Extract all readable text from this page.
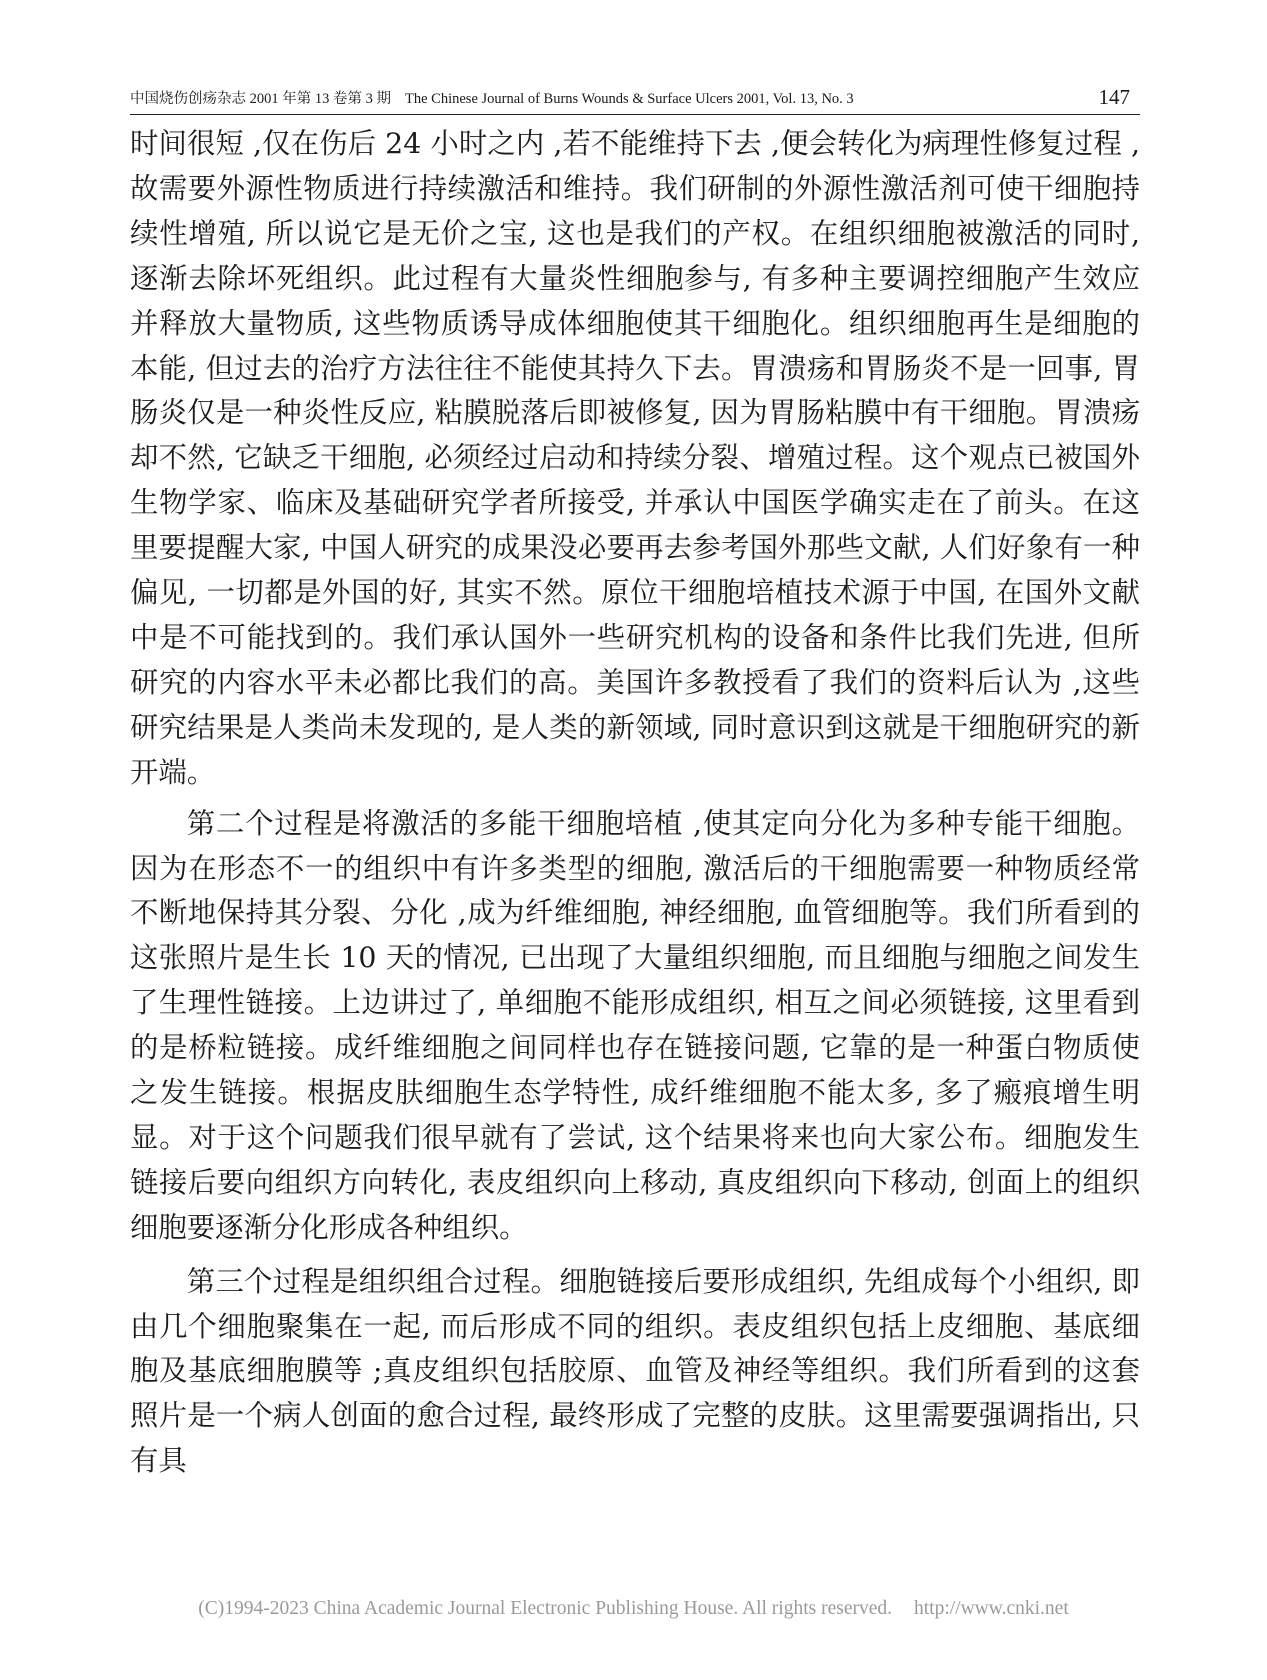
中国烧伤创疡杂志 2001 年第 13 卷第 3 期 The Chinese Journal of Burns Wounds & Surface Ulcers 2001, Vol. 13, No. 3	147

时间很短 ,仅在伤后 24 小时之内 ,若不能维持下去 ,便会转化为病理性修复过程 ,故需要外源性物质进行持续激活和维持。我们研制的外源性激活剂可使干细胞持续性增殖, 所以说它是无价之宝, 这也是我们的产权。在组织细胞被激活的同时, 逐渐去除坏死组织。此过程有大量炎性细胞参与, 有多种主要调控细胞产生效应并释放大量物质, 这些物质诱导成体细胞使其干细胞化。组织细胞再生是细胞的本能, 但过去的治疗方法往往不能使其持久下去。胃溃疡和胃肠炎不是一回事, 胃肠炎仅是一种炎性反应, 粘膜脱落后即被修复, 因为胃肠粘膜中有干细胞。胃溃疡却不然, 它缺乏干细胞, 必须经过启动和持续分裂、增殖过程。这个观点已被国外生物学家、临床及基础研究学者所接受, 并承认中国医学确实走在了前头。在这里要提醒大家, 中国人研究的成果没必要再去参考国外那些文献, 人们好象有一种偏见, 一切都是外国的好, 其实不然。原位干细胞培植技术源于中国, 在国外文献中是不可能找到的。我们承认国外一些研究机构的设备和条件比我们先进, 但所研究的内容水平未必都比我们的高。美国许多教授看了我们的资料后认为 ,这些研究结果是人类尚未发现的, 是人类的新领域, 同时意识到这就是干细胞研究的新开端。

第二个过程是将激活的多能干细胞培植 ,使其定向分化为多种专能干细胞。因为在形态不一的组织中有许多类型的细胞, 激活后的干细胞需要一种物质经常不断地保持其分裂、分化 ,成为纤维细胞, 神经细胞, 血管细胞等。我们所看到的这张照片是生长 10 天的情况, 已出现了大量组织细胞, 而且细胞与细胞之间发生了生理性链接。上边讲过了, 单细胞不能形成组织, 相互之间必须链接, 这里看到的是桥粒链接。成纤维细胞之间同样也存在链接问题, 它靠的是一种蛋白物质使之发生链接。根据皮肤细胞生态学特性, 成纤维细胞不能太多, 多了瘢痕增生明显。对于这个问题我们很早就有了尝试, 这个结果将来也向大家公布。细胞发生链接后要向组织方向转化, 表皮组织向上移动, 真皮组织向下移动, 创面上的组织细胞要逐渐分化形成各种组织。

第三个过程是组织组合过程。细胞链接后要形成组织, 先组成每个小组织, 即由几个细胞聚集在一起, 而后形成不同的组织。表皮组织包括上皮细胞、基底细胞及基底细胞膜等 ;真皮组织包括胶原、血管及神经等组织。我们所看到的这套照片是一个病人创面的愈合过程, 最终形成了完整的皮肤。这里需要强调指出, 只有具

(C)1994-2023 China Academic Journal Electronic Publishing House. All rights reserved. http://www.cnki.net
